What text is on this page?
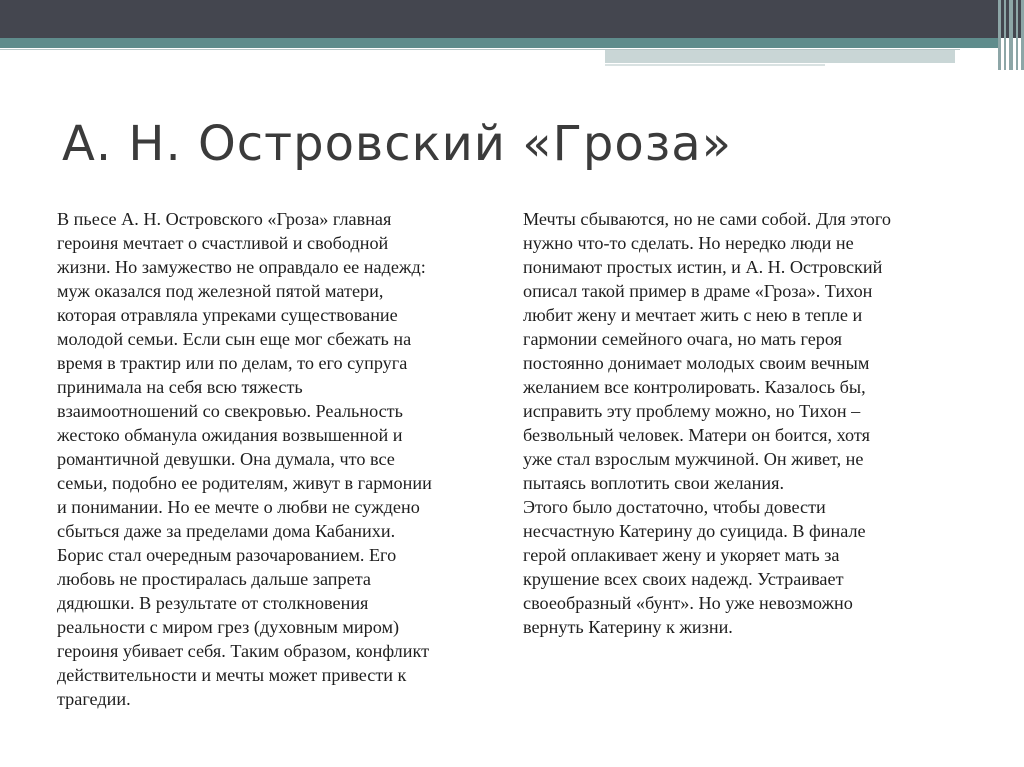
А. Н. Островский «Гроза»

В пьесе А. Н. Островского «Гроза» главная
героиня мечтает о счастливой и свободной
жизни. Но замужество не оправдало ее надежд:
муж оказался под железной пятой матери,
которая отравляла упреками существование
молодой семьи. Если сын еще мог сбежать на
время в трактир или по делам, то его супруга
принимала на себя всю тяжесть
взаимоотношений со свекровью. Реальность
жестоко обманула ожидания возвышенной и
романтичной девушки. Она думала, что все
семьи, подобно ее родителям, живут в гармонии
и понимании. Но ее мечте о любви не суждено
сбыться даже за пределами дома Кабанихи.
Борис стал очередным разочарованием. Его
любовь не простиралась дальше запрета
дядюшки. В результате от столкновения
реальности с миром грез (духовным миром)
героиня убивает себя. Таким образом, конфликт
действительности и мечты может привести к
трагедии.

Мечты сбываются, но не сами собой. Для этого
нужно что-то сделать. Но нередко люди не
понимают простых истин, и А. Н. Островский
описал такой пример в драме «Гроза». Тихон
любит жену и мечтает жить с нею в тепле и
гармонии семейного очага, но мать героя
постоянно донимает молодых своим вечным
желанием все контролировать. Казалось бы,
исправить эту проблему можно, но Тихон –
безвольный человек. Матери он боится, хотя
уже стал взрослым мужчиной. Он живет, не
пытаясь воплотить свои желания.
Этого было достаточно, чтобы довести
несчастную Катерину до суицида. В финале
герой оплакивает жену и укоряет мать за
крушение всех своих надежд. Устраивает
своеобразный «бунт». Но уже невозможно
вернуть Катерину к жизни.
